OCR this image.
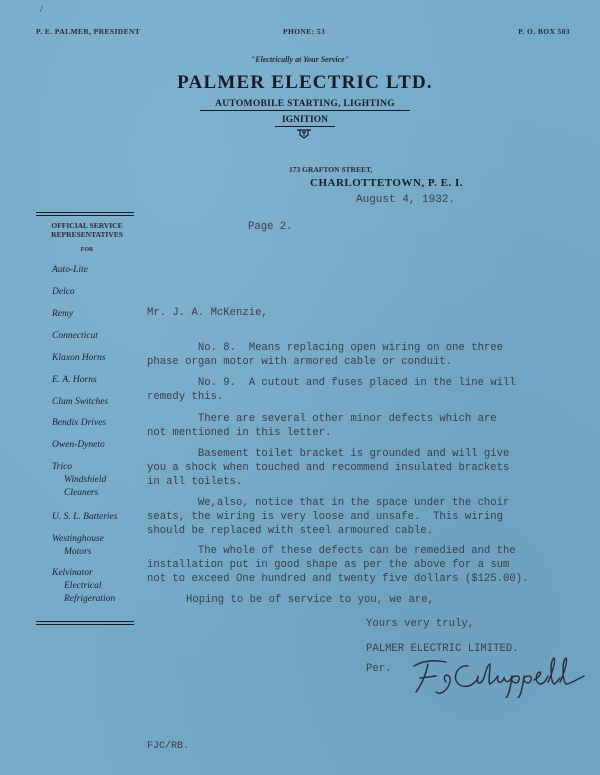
/
P. E. PALMER, PRESIDENT	PHONE: 53	P. O. BOX 503
"Electrically at Your Service"
PALMER ELECTRIC LTD.
AUTOMOBILE STARTING, LIGHTING
IGNITION
173 GRAFTON STREET,
CHARLOTTETOWN, P. E. I.
August 4, 1932.
Page 2.
OFFICIAL SERVICE REPRESENTATIVES
FOR
Auto-Lite
Delco
Remy
Connecticut
Klaxon Horns
E. A. Horns
Clum Switches
Bendix Drives
Owen-Dyneto
Trico
Windshield
Cleaners
U. S. L. Batteries
Westinghouse
Motors
Kelvinator
Electrical
Refrigeration
Mr. J. A. McKenzie,
No. 8.  Means replacing open wiring on one three
phase organ motor with armored cable or conduit.
No. 9.  A cutout and fuses placed in the line will
remedy this.
There are several other minor defects which are
not mentioned in this letter.
Basement toilet bracket is grounded and will give
you a shock when touched and recommend insulated brackets
in all toilets.
We,also, notice that in the space under the choir
seats, the wiring is very loose and unsafe.  This wiring
should be replaced with steel armoured cable.
The whole of these defects can be remedied and the
installation put in good shape as per the above for a sum
not to exceed One hundred and twenty five dollars ($125.00).
Hoping to be of service to you, we are,
Yours very truly,
PALMER ELECTRIC LIMITED.
Per.
FJC/RB.
